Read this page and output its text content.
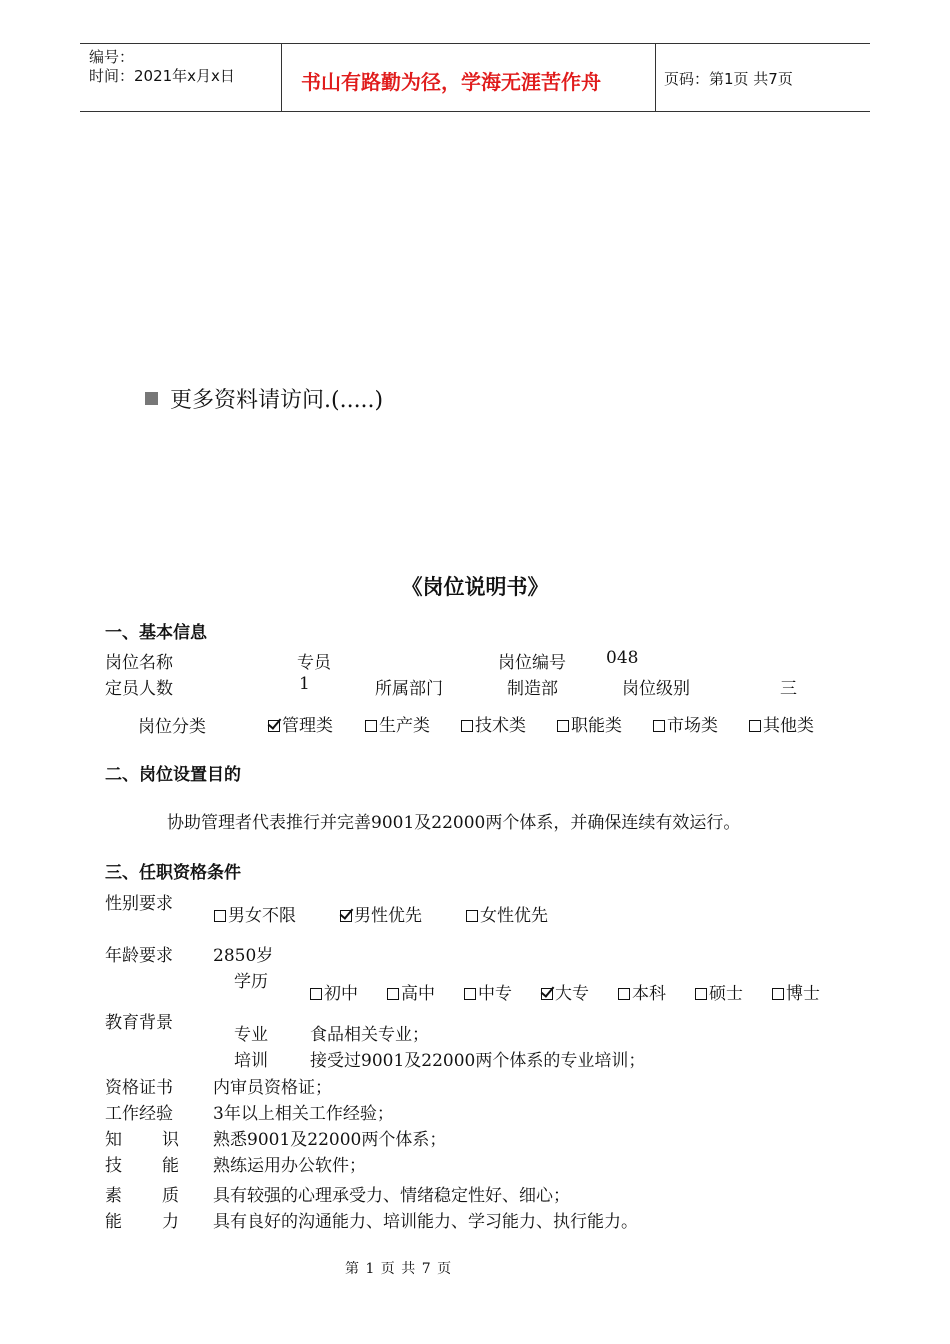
编号：
时间：2021年x月x日	书山有路勤为径，学海无涯苦作舟	页码：第1页 共7页
更多资料请访问.(.....)
《岗位说明书》
一、基本信息
岗位名称	专员	岗位编号 048
定员人数	1	所属部门	制造部	岗位级别	三
岗位分类	管理类	生产类	技术类	职能类	市场类	其他类
二、岗位设置目的
协助管理者代表推行并完善9001及22000两个体系，并确保连续有效运行。
三、任职资格条件
性别要求
男女不限	男性优先	女性优先
年龄要求 2850岁
学历
初中	高中	中专	大专	本科	硕士	博士
教育背景
专业 食品相关专业；
培训 接受过9001及22000两个体系的专业培训；
资格证书 内审员资格证；
工作经验 3年以上相关工作经验；
知 识 熟悉9001及22000两个体系；
技 能 熟练运用办公软件；
素 质 具有较强的心理承受力、情绪稳定性好、细心；
能 力 具有良好的沟通能力、培训能力、学习能力、执行能力。
第 1 页 共 7 页
